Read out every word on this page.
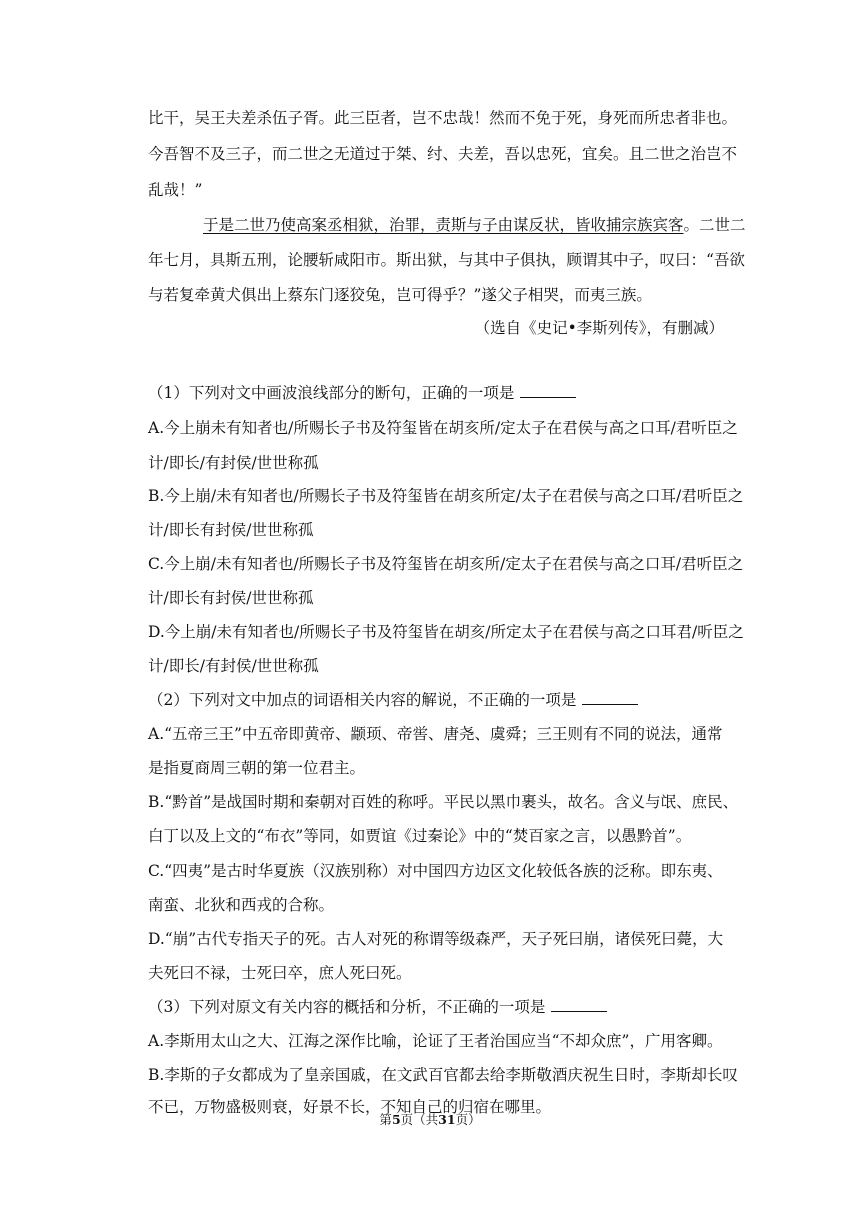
比干，吴王夫差杀伍子胥。此三臣者，岂不忠哉！然而不免于死，身死而所忠者非也。
今吾智不及三子，而二世之无道过于桀、纣、夫差，吾以忠死，宜矣。且二世之治岂不
乱哉！”
于是二世乃使高案丞相狱，治罪，责斯与子由谋反状，皆收捕宗族宾客。二世二
年七月，具斯五刑，论腰斩咸阳市。斯出狱，与其中子俱执，顾谓其中子，叹曰：“吾欲
与若复牵黄犬俱出上蔡东门逐狡兔，岂可得乎？”遂父子相哭，而夷三族。
（选自《史记•李斯列传》，有删减）
（1）下列对文中画波浪线部分的断句，正确的一项是
A.今上崩未有知者也/所赐长子书及符玺皆在胡亥所/定太子在君侯与高之口耳/君听臣之
计/即长/有封侯/世世称孤
B.今上崩/未有知者也/所赐长子书及符玺皆在胡亥所定/太子在君侯与高之口耳/君听臣之
计/即长有封侯/世世称孤
C.今上崩/未有知者也/所赐长子书及符玺皆在胡亥所/定太子在君侯与高之口耳/君听臣之
计/即长有封侯/世世称孤
D.今上崩/未有知者也/所赐长子书及符玺皆在胡亥/所定太子在君侯与高之口耳君/听臣之
计/即长/有封侯/世世称孤
（2）下列对文中加点的词语相关内容的解说，不正确的一项是
A.“五帝三王”中五帝即黄帝、颛顼、帝喾、唐尧、虞舜；三王则有不同的说法，通常
是指夏商周三朝的第一位君主。
B.“黔首”是战国时期和秦朝对百姓的称呼。平民以黑巾裹头，故名。含义与氓、庶民、
白丁以及上文的“布衣”等同，如贾谊《过秦论》中的“焚百家之言，以愚黔首”。
C.“四夷”是古时华夏族（汉族别称）对中国四方边区文化较低各族的泛称。即东夷、
南蛮、北狄和西戎的合称。
D.“崩”古代专指天子的死。古人对死的称谓等级森严，天子死曰崩，诸侯死曰薨，大
夫死曰不禄，士死曰卒，庶人死曰死。
（3）下列对原文有关内容的概括和分析，不正确的一项是
A.李斯用太山之大、江海之深作比喻，论证了王者治国应当“不却众庶”，广用客卿。
B.李斯的子女都成为了皇亲国戚，在文武百官都去给李斯敬酒庆祝生日时，李斯却长叹
不已，万物盛极则衰，好景不长，不知自己的归宿在哪里。
第5页（共31页）
